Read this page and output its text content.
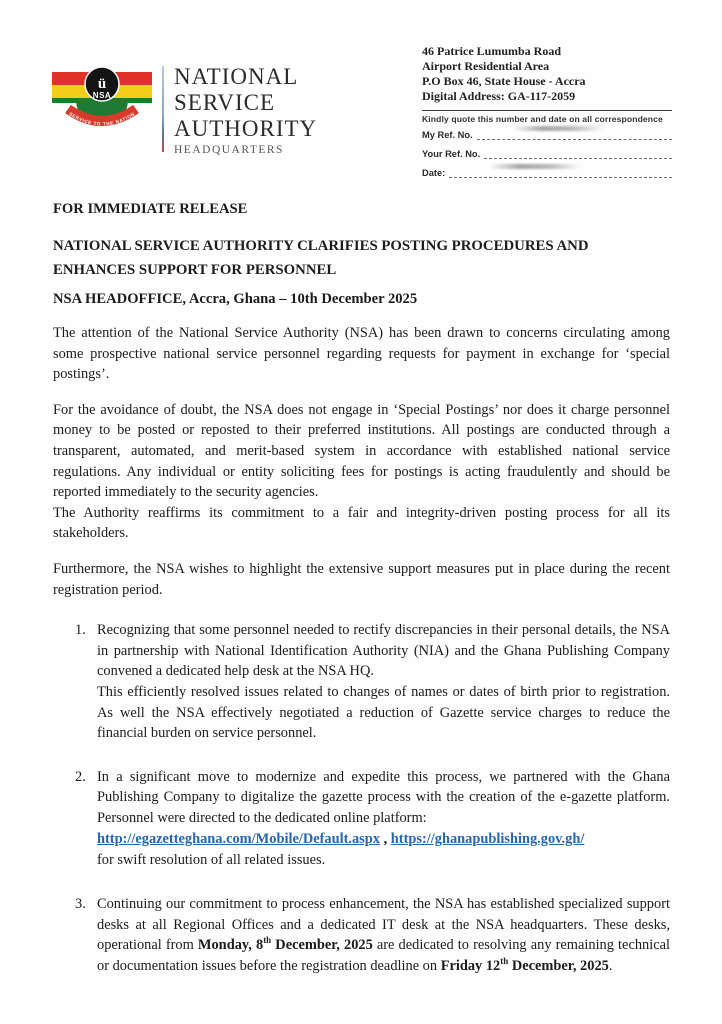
ü
NSA
SERVICE TO THE NATION
NATIONAL
SERVICE
AUTHORITY
HEADQUARTERS
46 Patrice Lumumba Road
Airport Residential Area
P.O Box 46, State House - Accra
Digital Address: GA-117-2059
Kindly quote this number and date on all correspondence
My Ref. No.
Your Ref. No.
Date:

FOR IMMEDIATE RELEASE

NATIONAL SERVICE AUTHORITY CLARIFIES POSTING PROCEDURES AND ENHANCES SUPPORT FOR PERSONNEL

NSA HEADOFFICE, Accra, Ghana – 10th December 2025

The attention of the National Service Authority (NSA) has been drawn to concerns circulating among some prospective national service personnel regarding requests for payment in exchange for ‘special postings’.

For the avoidance of doubt, the NSA does not engage in ‘Special Postings’ nor does it charge personnel money to be posted or reposted to their preferred institutions. All postings are conducted through a transparent, automated, and merit-based system in accordance with established national service regulations. Any individual or entity soliciting fees for postings is acting fraudulently and should be reported immediately to the security agencies.

The Authority reaffirms its commitment to a fair and integrity-driven posting process for all its stakeholders.

Furthermore, the NSA wishes to highlight the extensive support measures put in place during the recent registration period.

1. Recognizing that some personnel needed to rectify discrepancies in their personal details, the NSA in partnership with National Identification Authority (NIA) and the Ghana Publishing Company convened a dedicated help desk at the NSA HQ.

This efficiently resolved issues related to changes of names or dates of birth prior to registration. As well the NSA effectively negotiated a reduction of Gazette service charges to reduce the financial burden on service personnel.

2. In a significant move to modernize and expedite this process, we partnered with the Ghana Publishing Company to digitalize the gazette process with the creation of the e-gazette platform. Personnel were directed to the dedicated online platform:

http://egazetteghana.com/Mobile/Default.aspx , https://ghanapublishing.gov.gh/

for swift resolution of all related issues.

3. Continuing our commitment to process enhancement, the NSA has established specialized support desks at all Regional Offices and a dedicated IT desk at the NSA headquarters. These desks, operational from Monday, 8th December, 2025 are dedicated to resolving any remaining technical or documentation issues before the registration deadline on Friday 12th December, 2025.
